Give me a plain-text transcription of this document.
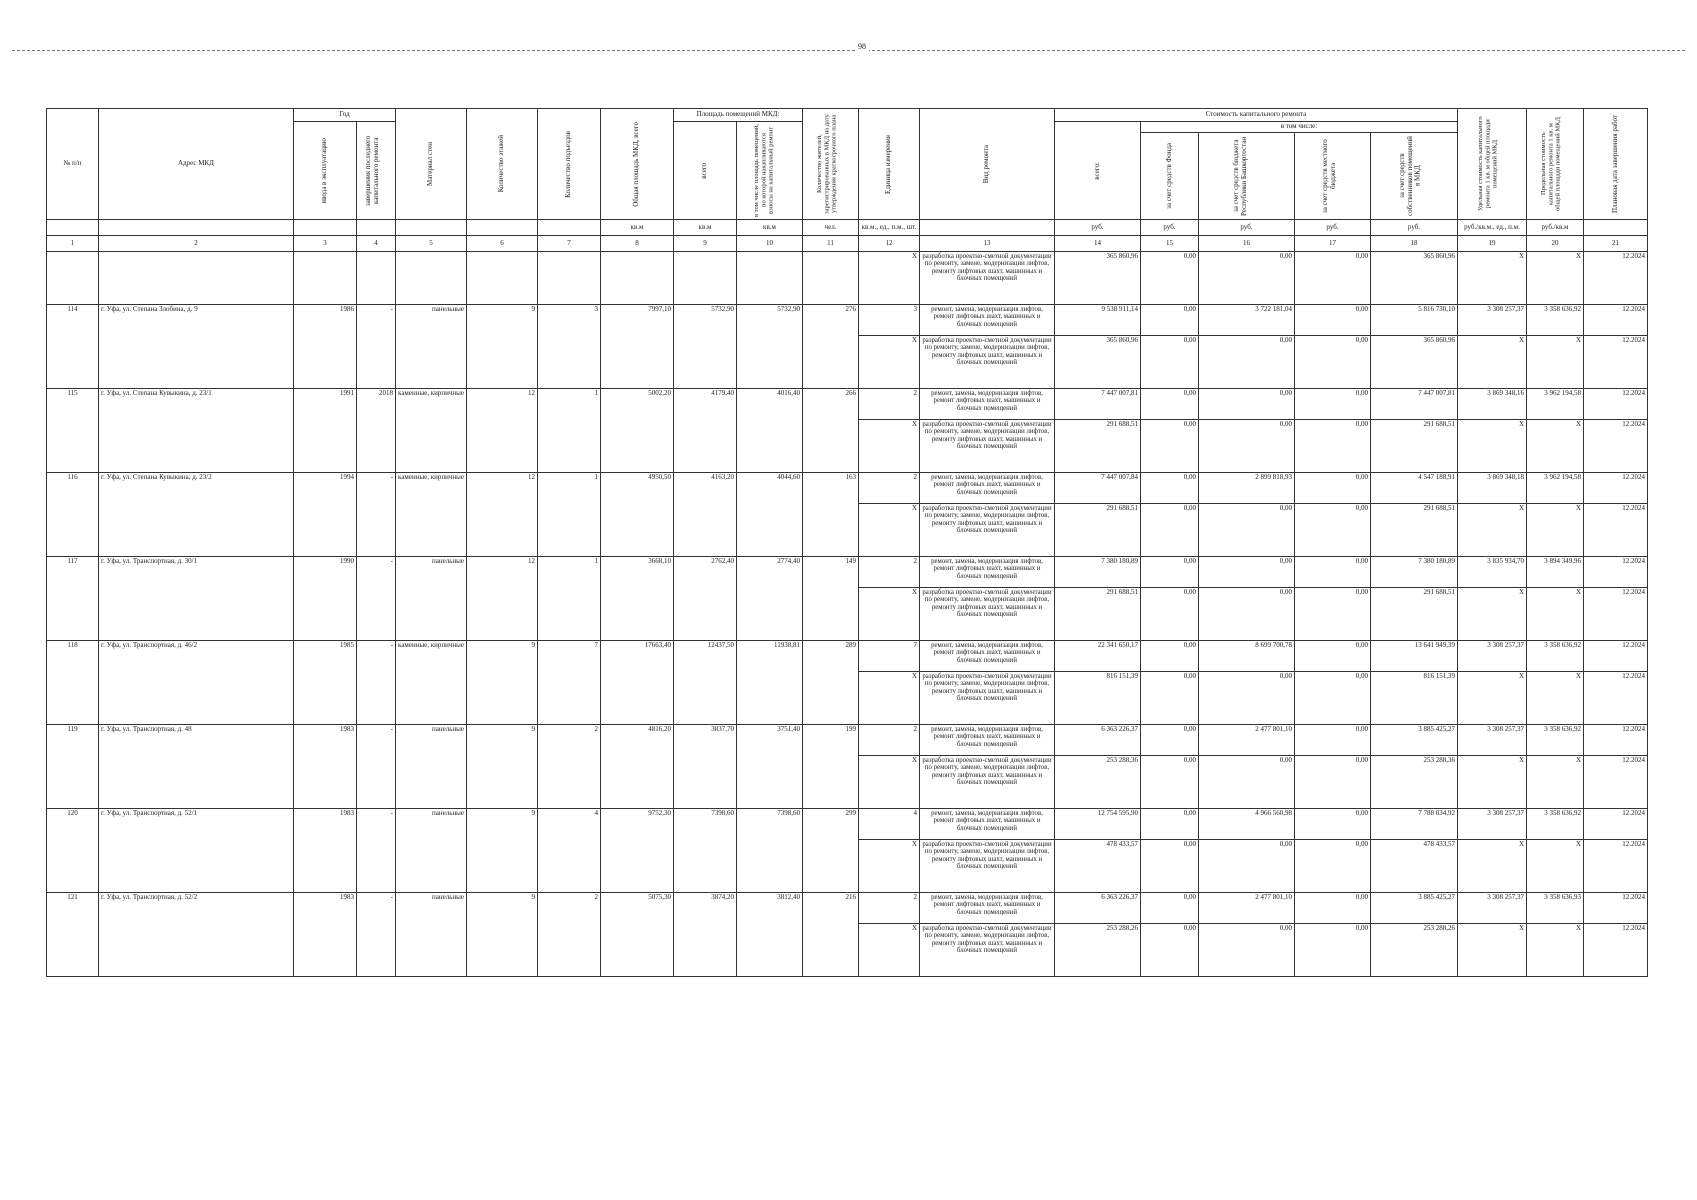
98
№ п/п	Адрес МКД	Год		Материал стен	Количество этажей	Количество подъездов	Общая площадь МКД, всего	Площадь помещений МКД:		Количество жителей, зарегистрированных в МКД на дату утверждения краткосрочного плана	Единица измерения	Вид ремонта	Стоимость капитального ремонта					Удельная стоимость капитального ремонта 1 кв. м общей площади помещений МКД	Предельная стоимость капитального ремонта 1 кв. м общей площади помещений МКД	Плановая дата завершения работ

		ввода в эксплуатацию	завершения последнего капитального ремонта					всего	в том числе площадь помещений, по которой накапливаются взносы на капитальный ремонт				всего:	в том числе:						

														за счет средств Фонда	за счет средств бюджета Республики Башкортостан	за счет средств местного бюджета	за счет средств собственников помещений в МКД			

							кв.м	кв.м	кв.м	чел.	кв.м., ед., п.м., шт.		руб.	руб.	руб.	руб.	руб.	руб./кв.м., ед., п.м.	руб./кв.м	
1	2	3	4	5	6	7	8	9	10	11	12	13	14	15	16	17	18	19	20	21
											Х	разработка проектно-сметной документации по ремонту, замене, модернизации лифтов, ремонту лифтовых шахт, машинных и блочных помещений	365 860,96	0,00	0,00	0,00	365 860,96	Х	Х	12.2024
114	г. Уфа, ул. Степана Злобина, д. 9	1986	-	панельные	9	3	7997,10	5732,90	5732,90	276	3	ремонт, замена, модернизация лифтов, ремонт лифтовых шахт, машинных и блочных помещений	9 538 911,14	0,00	3 722 181,04	0,00	5 816 730,10	3 308 257,37	3 358 636,92	12.2024
											Х	разработка проектно-сметной документации по ремонту, замене, модернизации лифтов, ремонту лифтовых шахт, машинных и блочных помещений	365 860,96	0,00	0,00	0,00	365 860,96	Х	Х	12.2024
115	г. Уфа, ул. Степана Кувыкина, д. 23/1	1991	2018	каменные, кирпичные	12	1	5002,20	4179,40	4016,40	266	2	ремонт, замена, модернизация лифтов, ремонт лифтовых шахт, машинных и блочных помещений	7 447 007,81	0,00	0,00	0,00	7 447 007,81	3 869 348,16	3 962 194,58	12.2024
											Х	разработка проектно-сметной документации по ремонту, замене, модернизации лифтов, ремонту лифтовых шахт, машинных и блочных помещений	291 688,51	0,00	0,00	0,00	291 688,51	Х	Х	12.2024
116	г. Уфа, ул. Степана Кувыкина, д. 23/2	1994	-	каменные, кирпичные	12	1	4950,50	4163,20	4044,60	163	2	ремонт, замена, модернизация лифтов, ремонт лифтовых шахт, машинных и блочных помещений	7 447 007,84	0,00	2 899 818,93	0,00	4 547 188,91	3 869 348,18	3 962 194,58	12.2024
											Х	разработка проектно-сметной документации по ремонту, замене, модернизации лифтов, ремонту лифтовых шахт, машинных и блочных помещений	291 688,51	0,00	0,00	0,00	291 688,51	Х	Х	12.2024
117	г. Уфа, ул. Транспортная, д. 30/1	1990	-	панельные	12	1	3668,10	2762,40	2774,40	149	2	ремонт, замена, модернизация лифтов, ремонт лифтовых шахт, машинных и блочных помещений	7 380 180,89	0,00	0,00	0,00	7 380 180,89	3 835 934,70	3 894 349,96	12.2024
											Х	разработка проектно-сметной документации по ремонту, замене, модернизации лифтов, ремонту лифтовых шахт, машинных и блочных помещений	291 688,51	0,00	0,00	0,00	291 688,51	Х	Х	12.2024
118	г. Уфа, ул. Транспортная, д. 46/2	1985	-	каменные, кирпичные	9	7	17663,40	12437,50	11938,81	289	7	ремонт, замена, модернизация лифтов, ремонт лифтовых шахт, машинных и блочных помещений	22 341 650,17	0,00	8 699 700,78	0,00	13 641 949,39	3 308 257,37	3 358 636,92	12.2024
											Х	разработка проектно-сметной документации по ремонту, замене, модернизации лифтов, ремонту лифтовых шахт, машинных и блочных помещений	816 151,39	0,00	0,00	0,00	816 151,39	Х	Х	12.2024
119	г. Уфа, ул. Транспортная, д. 48	1983	-	панельные	9	2	4816,20	3837,70	3751,40	199	2	ремонт, замена, модернизация лифтов, ремонт лифтовых шахт, машинных и блочных помещений	6 363 226,37	0,00	2 477 801,10	0,00	3 885 425,27	3 308 257,37	3 358 636,92	12.2024
											Х	разработка проектно-сметной документации по ремонту, замене, модернизации лифтов, ремонту лифтовых шахт, машинных и блочных помещений	253 288,36	0,00	0,00	0,00	253 288,36	Х	Х	12.2024
120	г. Уфа, ул. Транспортная, д. 52/1	1983	-	панельные	9	4	9752,30	7398,60	7398,60	299	4	ремонт, замена, модернизация лифтов, ремонт лифтовых шахт, машинных и блочных помещений	12 754 595,90	0,00	4 966 560,98	0,00	7 788 034,92	3 308 257,37	3 358 636,92	12.2024
											Х	разработка проектно-сметной документации по ремонту, замене, модернизации лифтов, ремонту лифтовых шахт, машинных и блочных помещений	478 433,57	0,00	0,00	0,00	478 433,57	Х	Х	12.2024
121	г. Уфа, ул. Транспортная, д. 52/2	1983	-	панельные	9	2	5075,30	3874,20	3812,40	216	2	ремонт, замена, модернизация лифтов, ремонт лифтовых шахт, машинных и блочных помещений	6 363 226,37	0,00	2 477 801,10	0,00	3 885 425,27	3 308 257,37	3 358 636,93	12.2024
											Х	разработка проектно-сметной документации по ремонту, замене, модернизации лифтов, ремонту лифтовых шахт, машинных и блочных помещений	253 288,26	0,00	0,00	0,00	253 288,26	Х	Х	12.2024
